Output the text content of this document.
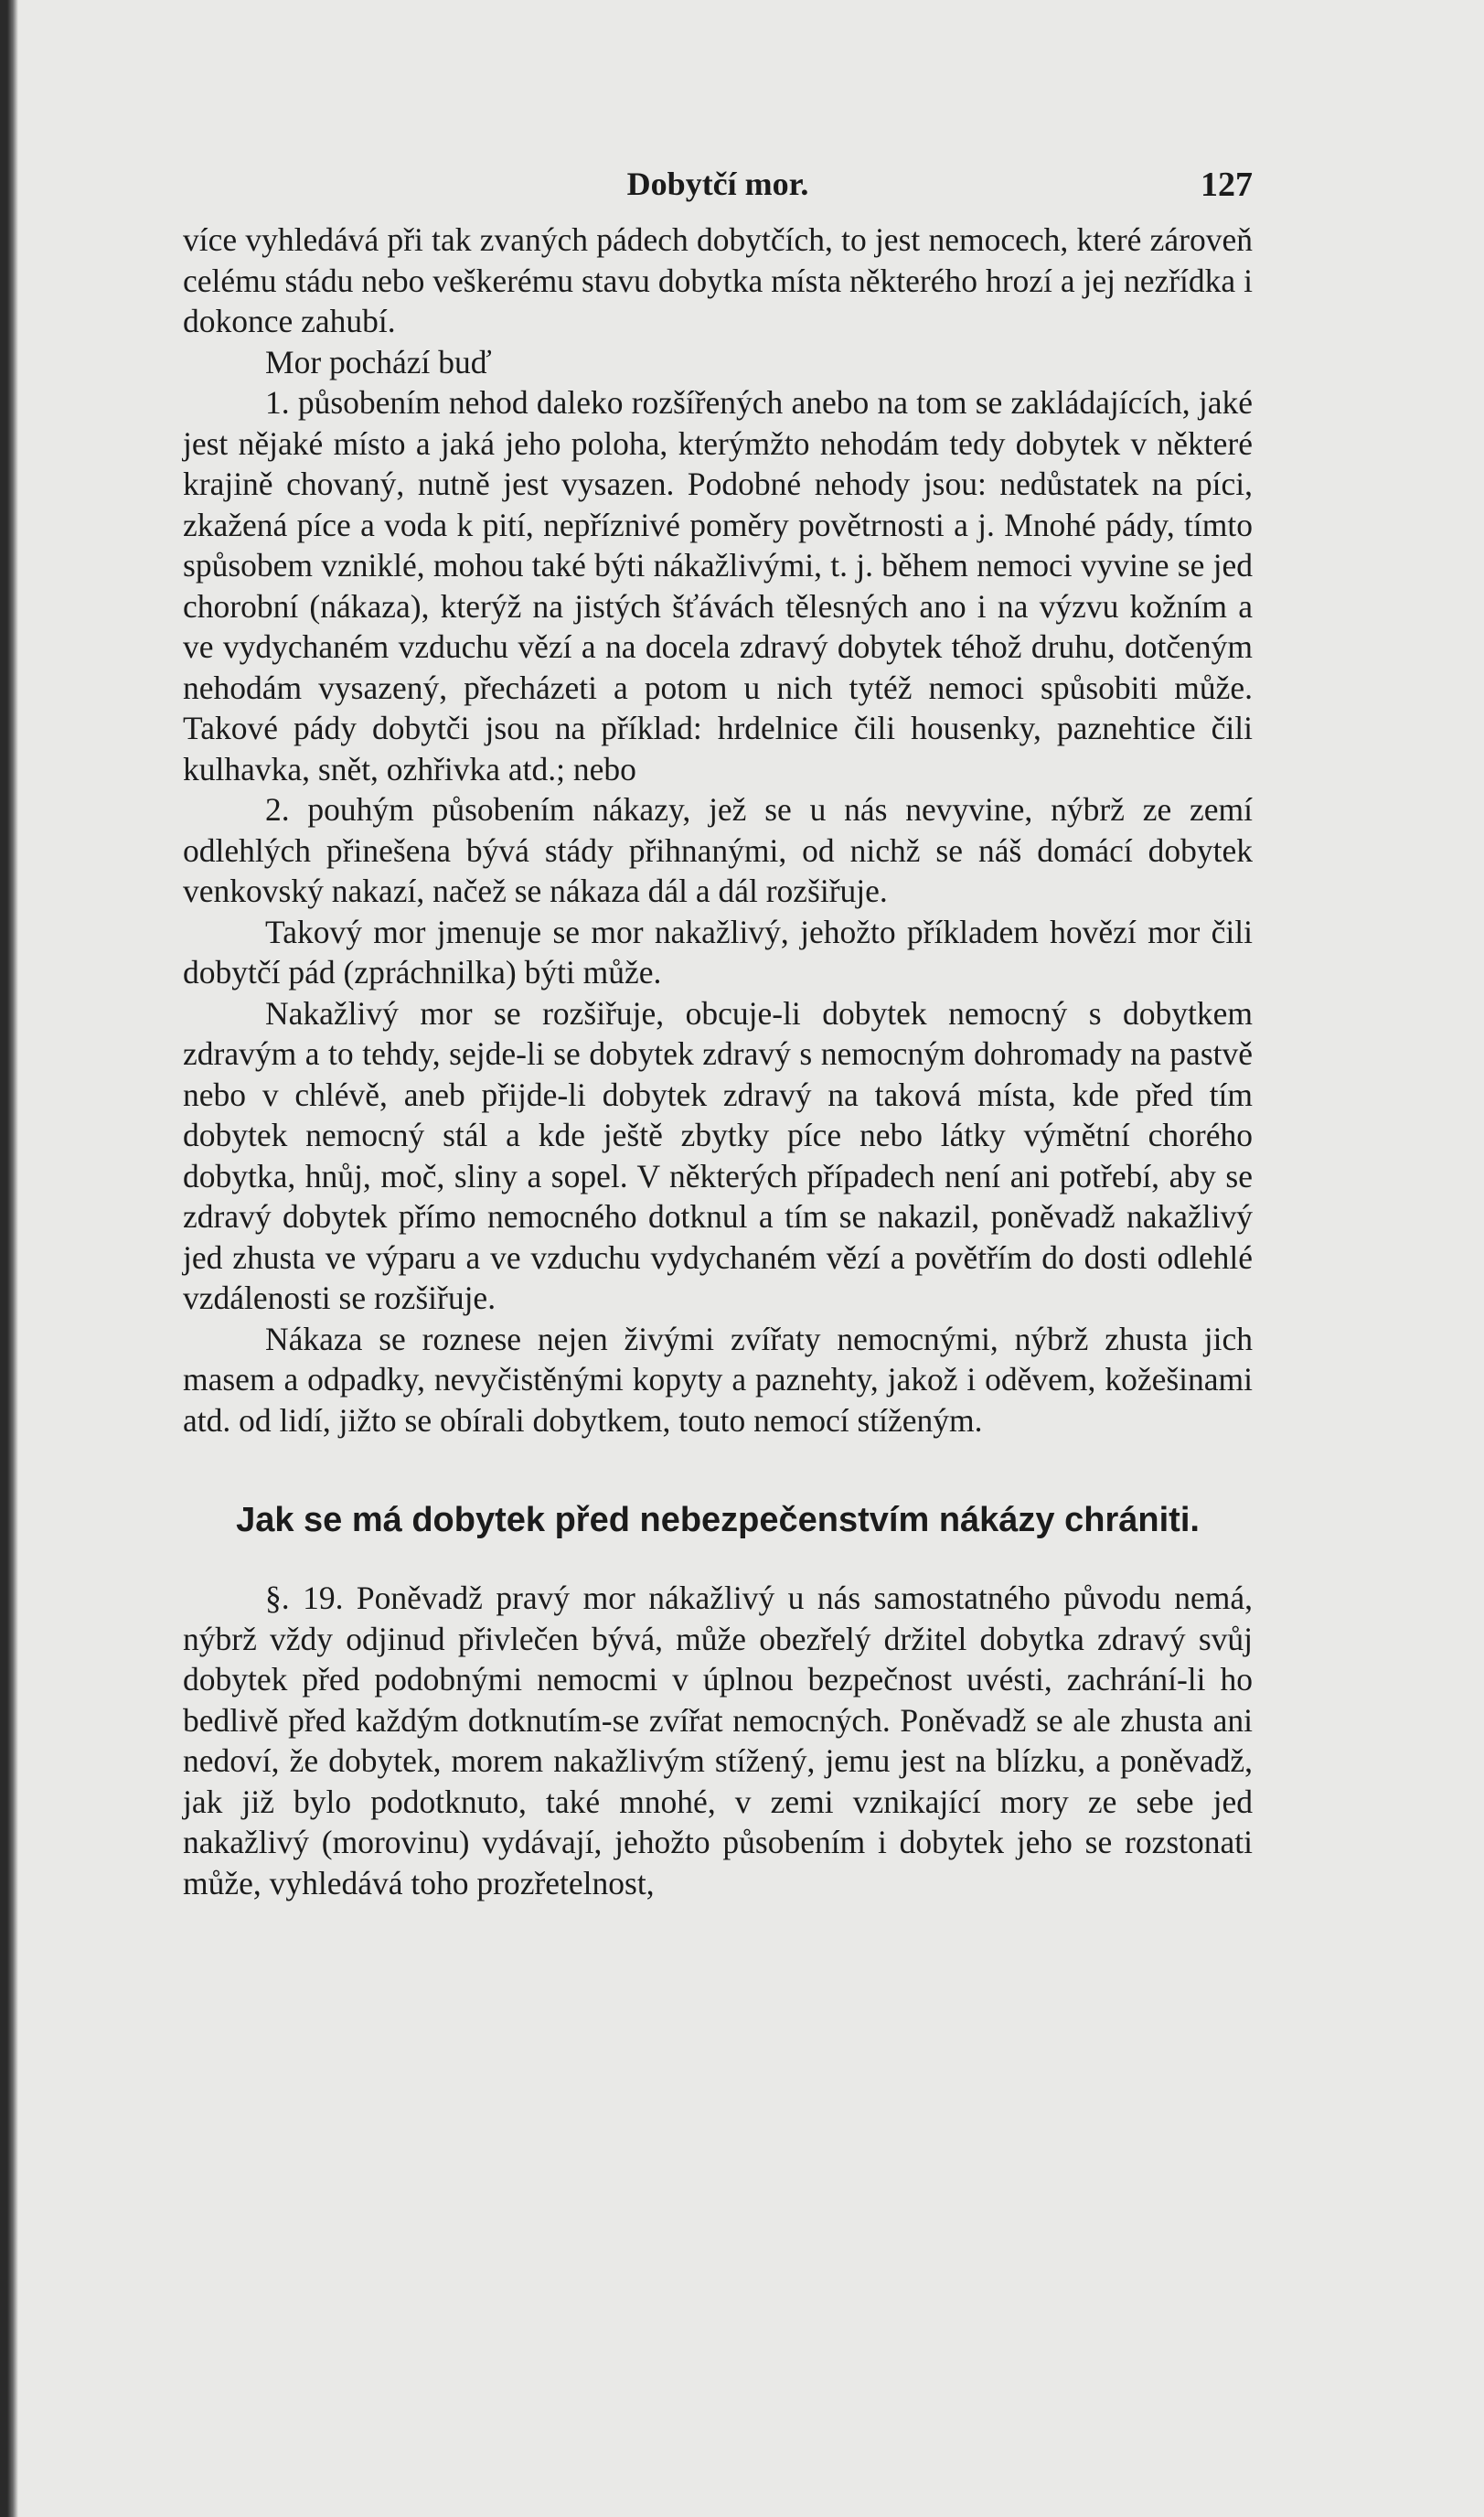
Dobytčí mor.	127

více vyhledává při tak zvaných pádech dobytčích, to jest nemocech, které zároveň celému stádu nebo veškerému stavu dobytka místa některého hrozí a jej nezřídka i dokonce zahubí.

Mor pochází buď

1. působením nehod daleko rozšířených anebo na tom se zakládajících, jaké jest nějaké místo a jaká jeho poloha, kterýmžto nehodám tedy dobytek v některé krajině chovaný, nutně jest vysazen. Podobné nehody jsou: nedůstatek na píci, zkažená píce a voda k pití, nepříznivé poměry povětrnosti a j. Mnohé pády, tímto spůsobem vzniklé, mohou také býti nákažlivými, t. j. během nemoci vyvine se jed chorobní (nákaza), kterýž na jistých šťávách tělesných ano i na výzvu kožním a ve vydychaném vzduchu vězí a na docela zdravý dobytek téhož druhu, dotčeným nehodám vysazený, přecházeti a potom u nich tytéž nemoci spůsobiti může. Takové pády dobytči jsou na příklad: hrdelnice čili housenky, paznehtice čili kulhavka, snět, ozhřivka atd.; nebo

2. pouhým působením nákazy, jež se u nás nevyvine, nýbrž ze zemí odlehlých přinešena bývá stády přihnanými, od nichž se náš domácí dobytek venkovský nakazí, načež se nákaza dál a dál rozšiřuje.

Takový mor jmenuje se mor nakažlivý, jehožto příkladem hovězí mor čili dobytčí pád (zpráchnilka) býti může.

Nakažlivý mor se rozšiřuje, obcuje-li dobytek nemocný s dobytkem zdravým a to tehdy, sejde-li se dobytek zdravý s nemocným dohromady na pastvě nebo v chlévě, aneb přijde-li dobytek zdravý na taková místa, kde před tím dobytek nemocný stál a kde ještě zbytky píce nebo látky výmětní chorého dobytka, hnůj, moč, sliny a sopel. V některých případech není ani potřebí, aby se zdravý dobytek přímo nemocného dotknul a tím se nakazil, poněvadž nakažlivý jed zhusta ve výparu a ve vzduchu vydychaném vězí a povětřím do dosti odlehlé vzdálenosti se rozšiřuje.

Nákaza se roznese nejen živými zvířaty nemocnými, nýbrž zhusta jich masem a odpadky, nevyčistěnými kopyty a paznehty, jakož i oděvem, kožešinami atd. od lidí, jižto se obírali dobytkem, touto nemocí stíženým.

Jak se má dobytek před nebezpečenstvím nákázy chrániti.

§. 19. Poněvadž pravý mor nákažlivý u nás samostatného původu nemá, nýbrž vždy odjinud přivlečen bývá, může obezřelý držitel dobytka zdravý svůj dobytek před podobnými nemocmi v úplnou bezpečnost uvésti, zachrání-li ho bedlivě před každým dotknutím-se zvířat nemocných. Poněvadž se ale zhusta ani nedoví, že dobytek, morem nakažlivým stížený, jemu jest na blízku, a poněvadž, jak již bylo podotknuto, také mnohé, v zemi vznikající mory ze sebe jed nakažlivý (morovinu) vydávají, jehožto působením i dobytek jeho se rozstonati může, vyhledává toho prozřetelnost,
